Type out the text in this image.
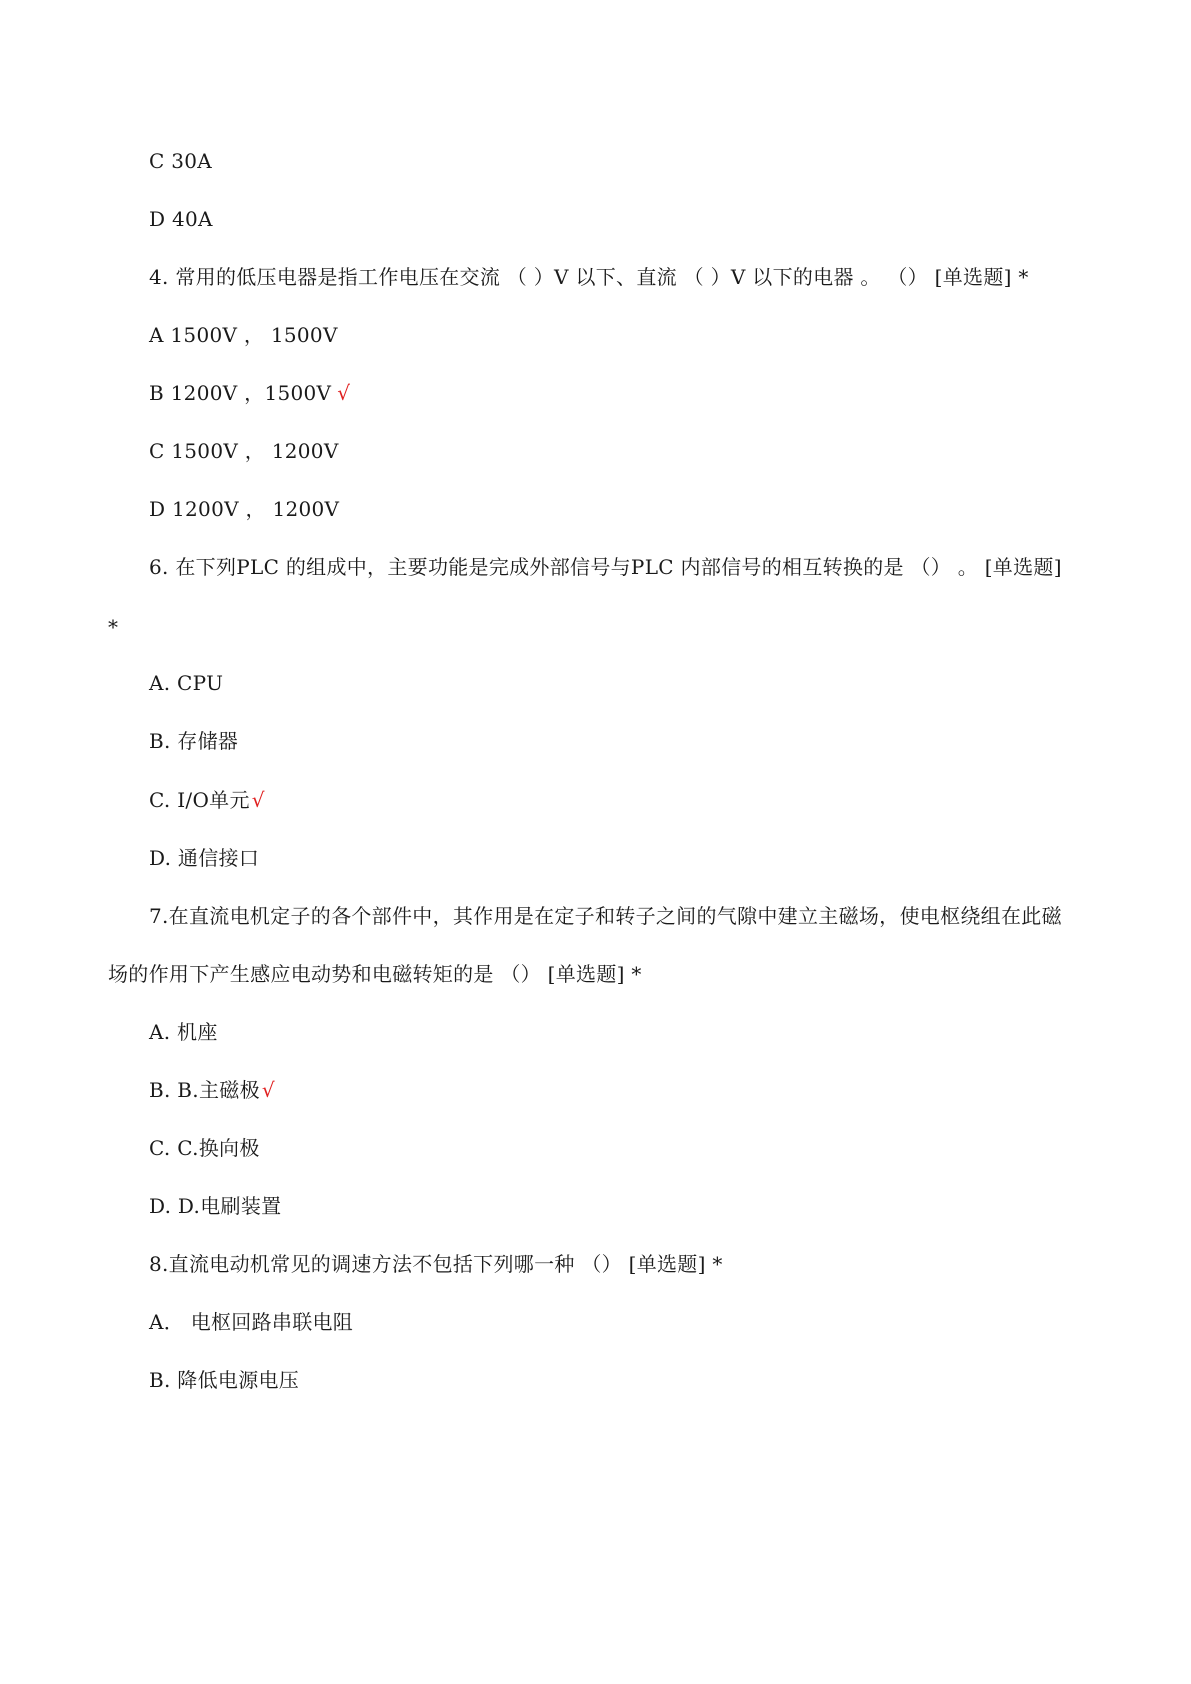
C 30A
D 40A
4. 常用的低压电器是指工作电压在交流 （ ）V 以下、直流 （ ）V 以下的电器 。 （） [单选题] *
A 1500V ， 1500V
B 1200V ，1500V √
C 1500V ， 1200V
D 1200V ， 1200V
6. 在下列PLC 的组成中，主要功能是完成外部信号与PLC 内部信号的相互转换的是 （） 。 [单选题]
*
A. CPU
B. 存储器
C. I/O单元 √
D. 通信接口
7.在直流电机定子的各个部件中，其作用是在定子和转子之间的气隙中建立主磁场，使电枢绕组在此磁
场的作用下产生感应电动势和电磁转矩的是 （） [单选题] *
A. 机座
B. B.主磁极 √
C. C.换向极
D. D.电刷装置
8.直流电动机常见的调速方法不包括下列哪一种 （） [单选题] *
A． 电枢回路串联电阻
B. 降低电源电压
